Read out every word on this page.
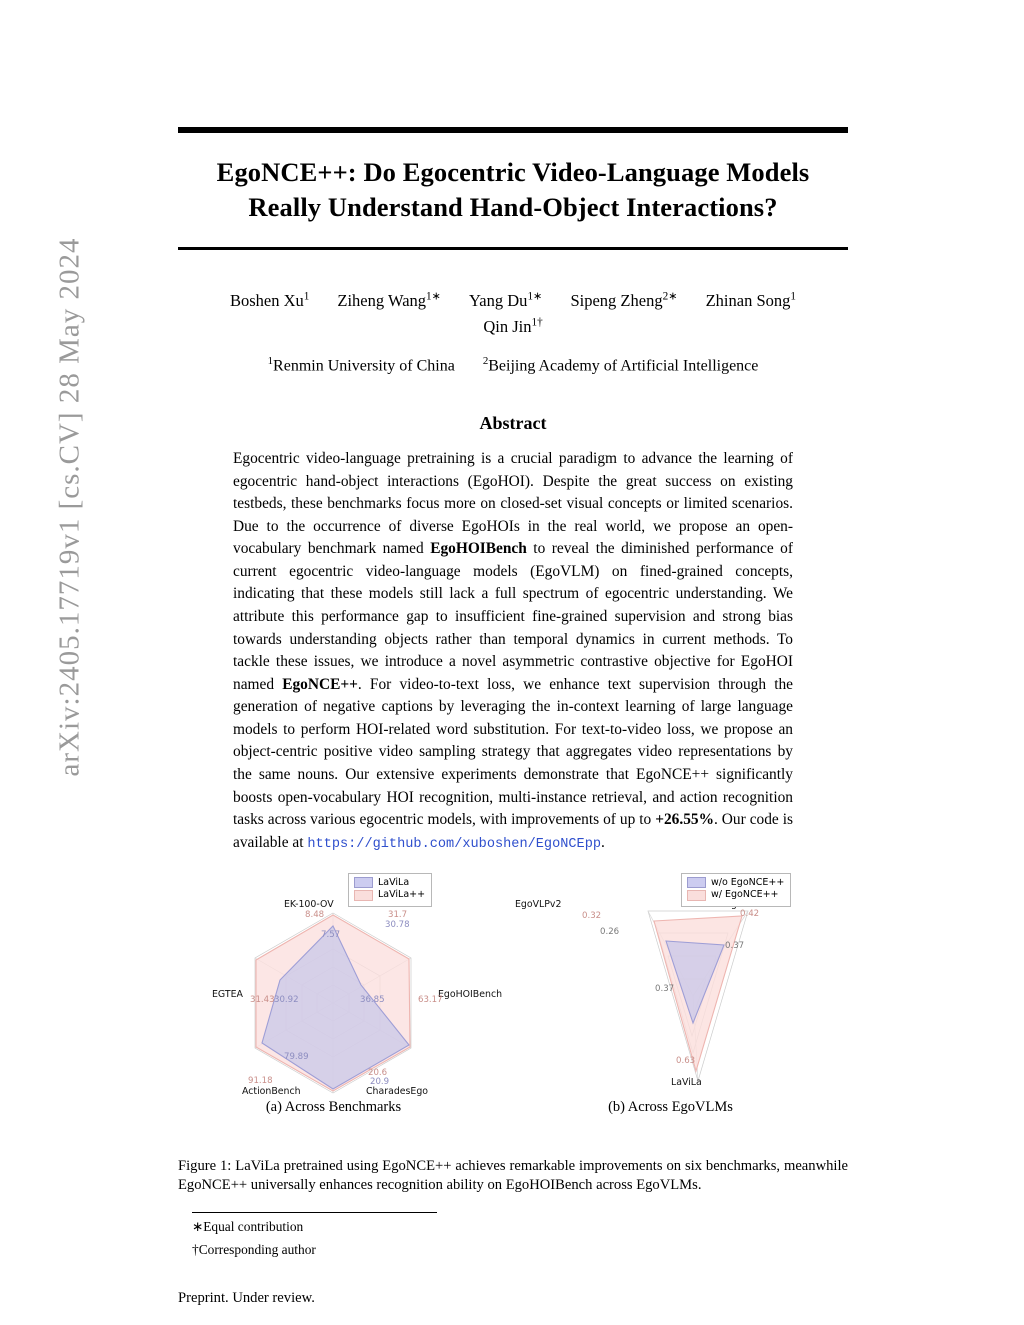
arXiv:2405.17719v1 [cs.CV] 28 May 2024
EgoNCE++: Do Egocentric Video-Language Models Really Understand Hand-Object Interactions?
Boshen Xu$^1$ Ziheng Wang$^{1∗}$ Yang $Du^{1∗}$ Sipeng Zheng$^{2∗}$ Zhinan Song$^1$Qin Jin$^{1\dagger}$
$^1$Renmin University of China	$^2$Beijing Academy of Artificial Intelligence
Abstract
Egocentric video-language pretraining is a crucial paradigm to advance the learning of egocentric hand-object interactions (EgoHOI). Despite the great success on existing testbeds, these benchmarks focus more on closed-set visual concepts or limited scenarios. Due to the occurrence of diverse EgoHOIs in the real world, we propose an open-vocabulary benchmark named EgoHOIBench to reveal the diminished performance of current egocentric video-language models (EgoVLM) on fined-grained concepts, indicating that these models still lack a full spectrum of egocentric understanding. We attribute this performance gap to insufficient fine-grained supervision and strong bias towards understanding objects rather than temporal dynamics in current methods. To tackle these issues, we introduce a novel asymmetric contrastive objective for EgoHOI named EgoNCE++. For video-to-text loss, we enhance text supervision through the generation of negative captions by leveraging the in-context learning of large language models to perform HOI-related word substitution. For text-to-video loss, we propose an object-centric positive video sampling strategy that aggregates video representations by the same nouns. Our extensive experiments demonstrate that EgoNCE++ significantly boosts open-vocabulary HOI recognition, multi-instance retrieval, and action recognition tasks across various egocentric models, with improvements of up to +26.55%. Our code is available at https://github.com/xuboshen/EgoNCEpp.
LaViLa
LaViLa++
EK-100-OV
EgoHOIBench
CharadesEgo
ActionBench
EGTEA
8.48
7.57
31.7
30.78
63.17
36.85
20.6
20.9
91.18
79.89
31.43 30.92
(a) Across Benchmarks
w/o EgoNCE++
w/ EgoNCE++
EgoVLPv2
LaViLa
0.42
0.37
0.32
0.26
0.63
0.37
(b) Across EgoVLMs
Figure 1: LaViLa pretrained using EgoNCE++ achieves remarkable improvements on six benchmarks, meanwhile EgoNCE++ universally enhances recognition ability on EgoHOIBench across EgoVLMs.
∗Equal contribution
†Corresponding author
Preprint. Under review.
